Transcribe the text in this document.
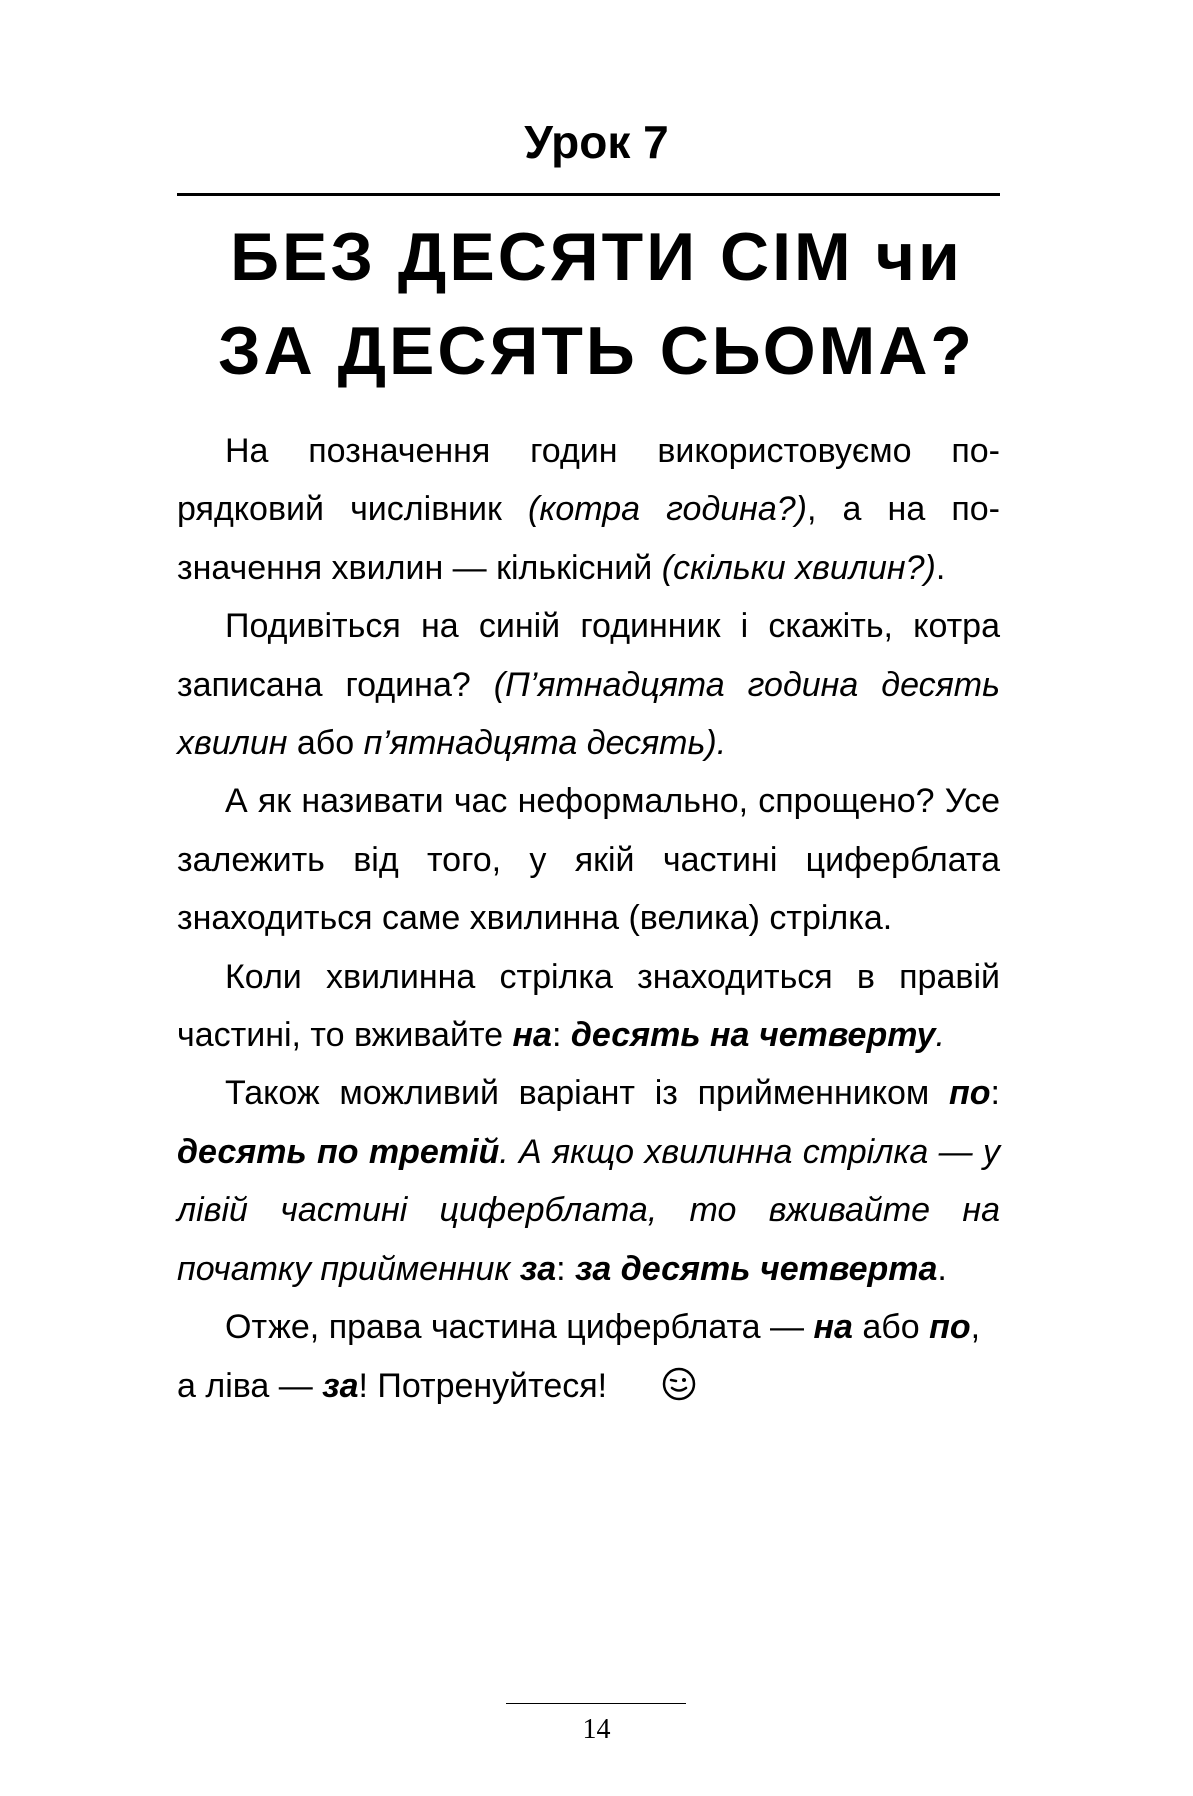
Урок 7
БЕЗ ДЕСЯТИ СІМ чи
ЗА ДЕСЯТЬ СЬОМА?

На позначення годин використовуємо порядковий числівник (котра година?), а на позначення хвилин — кількісний (скільки хвилин?).

Подивіться на синій годинник і скажіть, котра записана година? (П’ятнадцята година десять хвилин або п’ятнадцята десять).

А як називати час неформально, спрощено? Усе залежить від того, у якій частині циферблата знаходиться саме хвилинна (велика) стрілка.

Коли хвилинна стрілка знаходиться в правій частині, то вживайте на: десять на четверту.

Також можливий варіант із прийменником по: десять по третій. А якщо хвилинна стрілка — у лівій частині циферблата, то вживайте на початку прийменник за: за десять четверта.

Отже, права частина циферблата — на або по, а ліва — за! Потренуйтеся!

14
